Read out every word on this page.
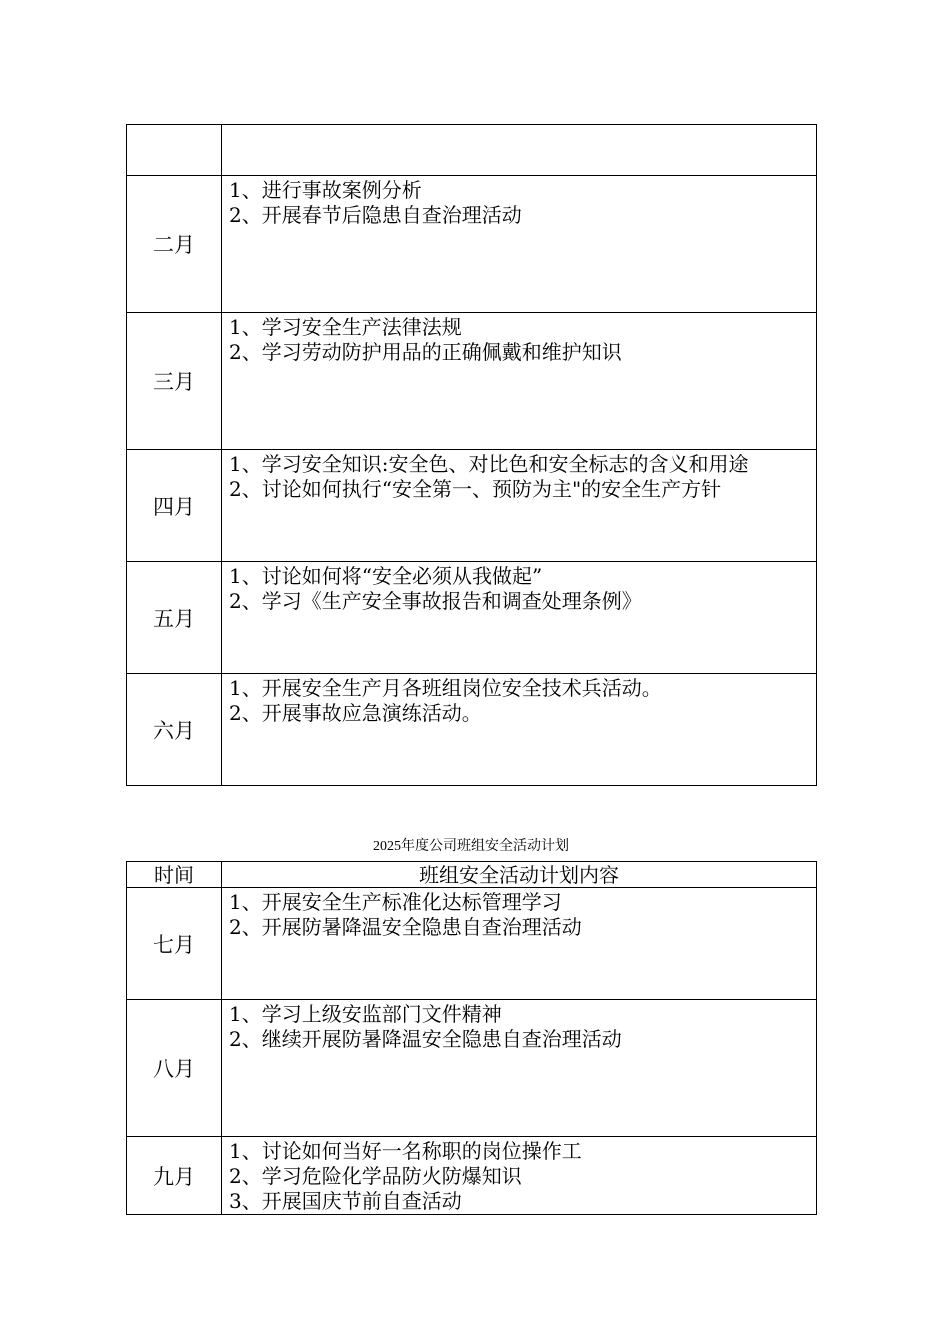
二月	1、进行事故案例分析
2、开展春节后隐患自查治理活动

三月	1、学习安全生产法律法规
2、学习劳动防护用品的正确佩戴和维护知识

四月	1、学习安全知识:安全色、对比色和安全标志的含义和用途
2、讨论如何执行“安全第一、预防为主"的安全生产方针

五月	1、讨论如何将“安全必须从我做起”
2、学习《生产安全事故报告和调查处理条例》

六月	1、开展安全生产月各班组岗位安全技术兵活动。
2、开展事故应急演练活动。
2025年度公司班组安全活动计划
时间	班组安全活动计划内容
七月	1、开展安全生产标准化达标管理学习
2、开展防暑降温安全隐患自查治理活动

八月	1、学习上级安监部门文件精神
2、继续开展防暑降温安全隐患自查治理活动

九月	1、讨论如何当好一名称职的岗位操作工
2、学习危险化学品防火防爆知识
3、开展国庆节前自查活动
